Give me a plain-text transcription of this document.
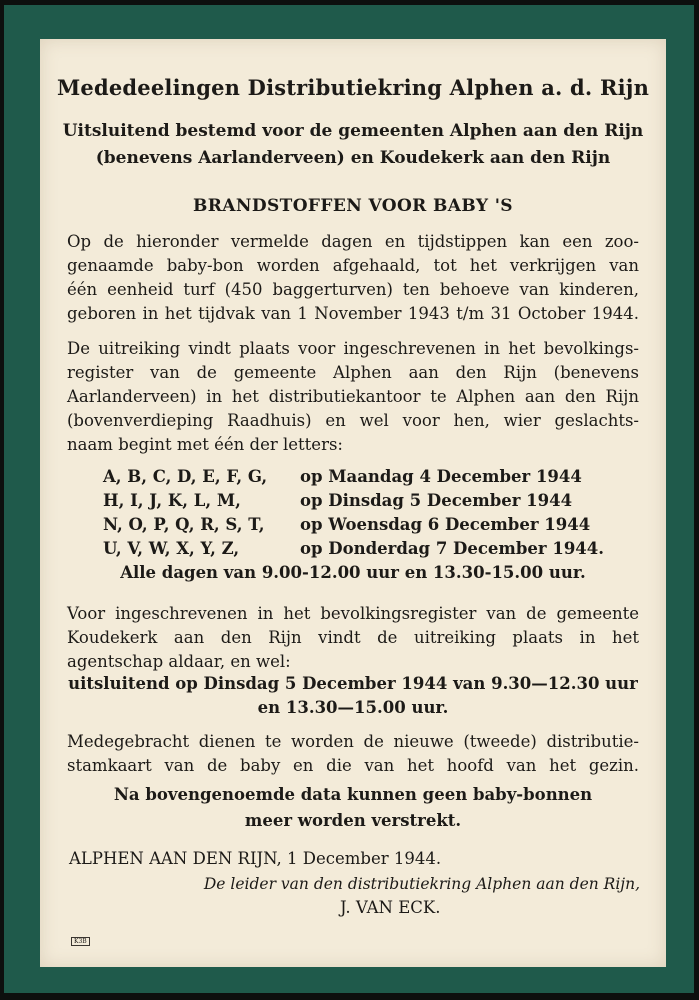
Mededeelingen Distributiekring Alphen a. d. Rijn
Uitsluitend bestemd voor de gemeenten Alphen aan den Rijn
(benevens Aarlanderveen) en Koudekerk aan den Rijn
BRANDSTOFFEN VOOR BABY 'S
Op de hieronder vermelde dagen en tijdstippen kan een zoo-
genaamde baby-bon worden afgehaald, tot het verkrijgen van
één eenheid turf (450 baggerturven) ten behoeve van kinderen,
geboren in het tijdvak van 1 November 1943 t/m 31 October 1944.
De uitreiking vindt plaats voor ingeschrevenen in het bevolkings-
register van de gemeente Alphen aan den Rijn (benevens
Aarlanderveen) in het distributiekantoor te Alphen aan den Rijn
(bovenverdieping Raadhuis) en wel voor hen, wier geslachts-
naam begint met één der letters:
A, B, C, D, E, F, G, op Maandag 4 December 1944
H, I, J, K, L, M,	op Dinsdag 5 December 1944
N, O, P, Q, R, S, T, op Woensdag 6 December 1944
U, V, W, X, Y, Z,	op Donderdag 7 December 1944.
Alle dagen van 9.00-12.00 uur en 13.30-15.00 uur.
Voor ingeschrevenen in het bevolkingsregister van de gemeente
Koudekerk aan den Rijn vindt de uitreiking plaats in het
agentschap aldaar, en wel:
uitsluitend op Dinsdag 5 December 1944 van 9.30—12.30 uur
en 13.30—15.00 uur.
Medegebracht dienen te worden de nieuwe (tweede) distributie-
stamkaart van de baby en die van het hoofd van het gezin.
Na bovengenoemde data kunnen geen baby-bonnen
meer worden verstrekt.
ALPHEN AAN DEN RIJN, 1 December 1944.
De leider van den distributiekring Alphen aan den Rijn,
J. VAN ECK.
K3B
